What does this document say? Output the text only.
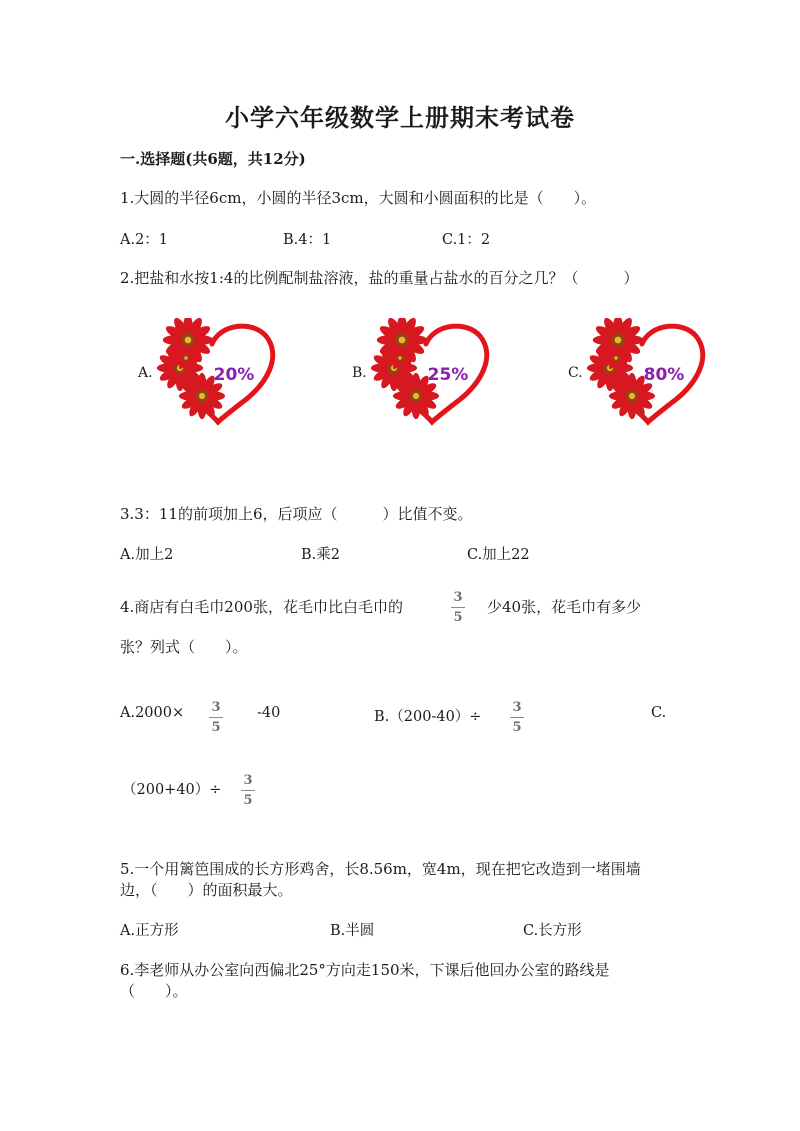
小学六年级数学上册期末考试卷
一.选择题(共6题，共12分)
1.大圆的半径6cm，小圆的半径3cm，大圆和小圆面积的比是（　　）。
A.2：1	B.4：1	C.1：2
2.把盐和水按1:4的比例配制盐溶液，盐的重量占盐水的百分之几？（　　　）
A.	20%	B.	25%	C.	80%
3.3：11的前项加上6，后项应（　　　）比值不变。
A.加上2	B.乘2	C.加上22
4.商店有白毛巾200张，花毛巾比白毛巾的
3
5
少40张，花毛巾有多少
张？列式（　　）。
A.2000× 3
5
-40	B.（200-40）÷
3
5
C.
（200+40）÷
3
5
5.一个用篱笆围成的长方形鸡舍，长8.56m，宽4m，现在把它改造到一堵围墙
边，（　　）的面积最大。
A.正方形	B.半圆	C.长方形
6.李老师从办公室向西偏北25°方向走150米，下课后他回办公室的路线是
（　　）。
